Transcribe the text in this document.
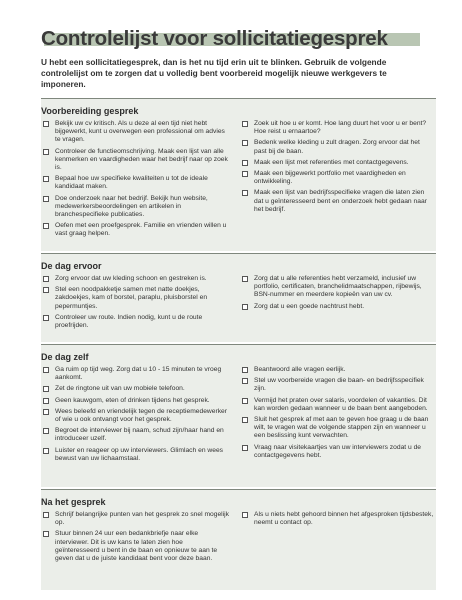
Controlelijst voor sollicitatiegesprek

U hebt een sollicitatiegesprek, dan is het nu tijd erin uit te blinken. Gebruik de volgende controlelijst om te zorgen dat u volledig bent voorbereid mogelijk nieuwe werkgevers te imponeren.

Voorbereiding gesprek
Bekijk uw cv kritisch. Als u deze al een tijd niet hebt bijgewerkt, kunt u overwegen een professional om advies te vragen.
Controleer de functieomschrijving. Maak een lijst van alle kenmerken en vaardigheden waar het bedrijf naar op zoek is.
Bepaal hoe uw specifieke kwaliteiten u tot de ideale kandidaat maken.
Doe onderzoek naar het bedrijf. Bekijk hun website, medewerkersbeoordelingen en artikelen in branchespecifieke publicaties.
Oefen met een proefgesprek. Familie en vrienden willen u vast graag helpen.
Zoek uit hoe u er komt. Hoe lang duurt het voor u er bent? Hoe reist u ernaartoe?
Bedenk welke kleding u zult dragen. Zorg ervoor dat het past bij de baan.
Maak een lijst met referenties met contactgegevens.
Maak een bijgewerkt portfolio met vaardigheden en ontwikkeling.
Maak een lijst van bedrijfsspecifieke vragen die laten zien dat u geïnteresseerd bent en onderzoek hebt gedaan naar het bedrijf.
De dag ervoor
Zorg ervoor dat uw kleding schoon en gestreken is.
Stel een noodpakketje samen met natte doekjes, zakdoekjes, kam of borstel, paraplu, pluisborstel en pepermuntjes.
Controleer uw route. Indien nodig, kunt u de route proefrijden.
Zorg dat u alle referenties hebt verzameld, inclusief uw portfolio, certificaten, branchelidmaatschappen, rijbewijs, BSN-nummer en meerdere kopieën van uw cv.
Zorg dat u een goede nachtrust hebt.
De dag zelf
Ga ruim op tijd weg. Zorg dat u 10 - 15 minuten te vroeg aankomt.
Zet de ringtone uit van uw mobiele telefoon.
Geen kauwgom, eten of drinken tijdens het gesprek.
Wees beleefd en vriendelijk tegen de receptiemedewerker of wie u ook ontvangt voor het gesprek.
Begroet de interviewer bij naam, schud zijn/haar hand en introduceer uzelf.
Luister en reageer op uw interviewers. Glimlach en wees bewust van uw lichaamstaal.
Beantwoord alle vragen eerlijk.
Stel uw voorbereide vragen die baan- en bedrijfsspecifiek zijn.
Vermijd het praten over salaris, voordelen of vakanties. Dit kan worden gedaan wanneer u de baan bent aangeboden.
Sluit het gesprek af met aan te geven hoe graag u de baan wilt, te vragen wat de volgende stappen zijn en wanneer u een beslissing kunt verwachten.
Vraag naar visitekaartjes van uw interviewers zodat u de contactgegevens hebt.
Na het gesprek
Schrijf belangrijke punten van het gesprek zo snel mogelijk op.
Stuur binnen 24 uur een bedankbriefje naar elke interviewer. Dit is uw kans te laten zien hoe geïnteresseerd u bent in de baan en opnieuw te aan te geven dat u de juiste kandidaat bent voor deze baan.
Als u niets hebt gehoord binnen het afgesproken tijdsbestek, neemt u contact op.
